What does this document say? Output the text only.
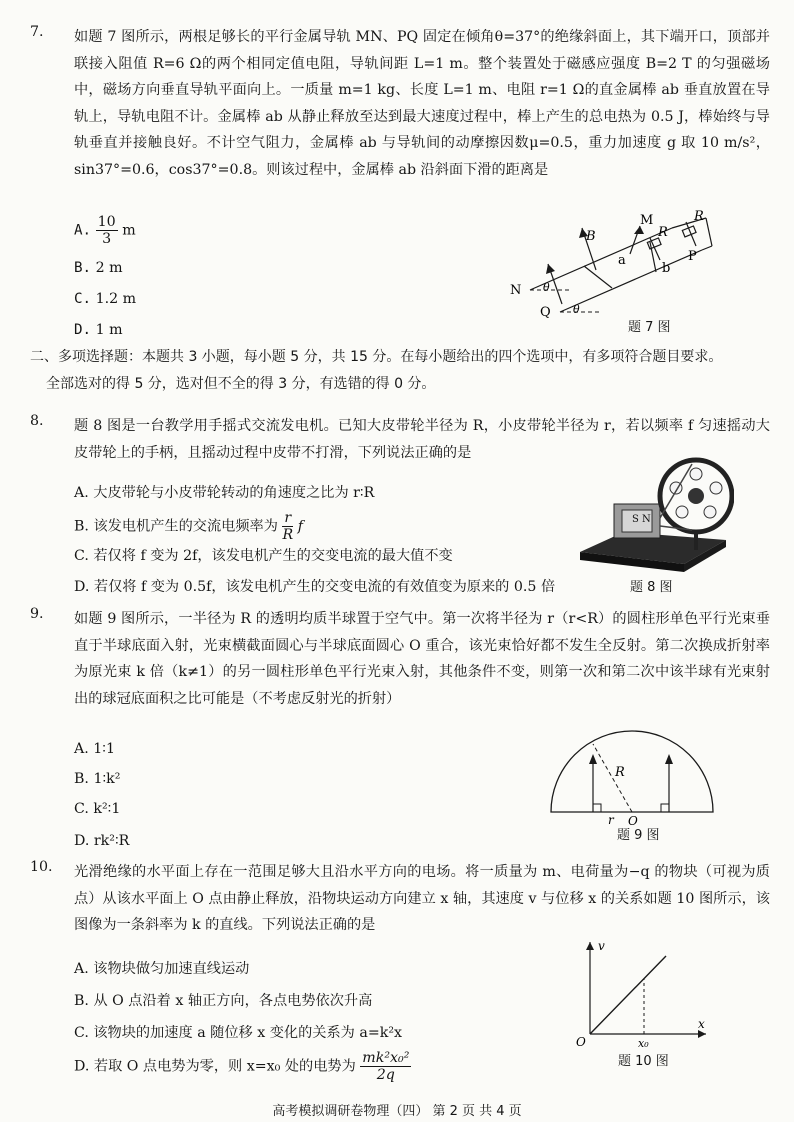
7.	如题 7 图所示，两根足够长的平行金属导轨 MN、PQ 固定在倾角θ=37°的绝缘斜面上，其下端开口，顶部并联接入阻值 R=6 Ω的两个相同定值电阻，导轨间距 L=1 m。整个装置处于磁感应强度 B=2 T 的匀强磁场中，磁场方向垂直导轨平面向上。一质量 m=1 kg、长度 L=1 m、电阻 r=1 Ω的直金属棒 ab 垂直放置在导轨上，导轨电阻不计。金属棒 ab 从静止释放至达到最大速度过程中，棒上产生的总电热为 0.5 J，棒始终与导轨垂直并接触良好。不计空气阻力，金属棒 ab 与导轨间的动摩擦因数μ=0.5，重力加速度 g 取 10 m/s²，sin37°=0.6，cos37°=0.8。则该过程中，金属棒 ab 沿斜面下滑的距离是
A. $\frac{10}{3}$ m
B. 2 m
C. 1.2 m
D. 1 m
B
a
M
R
R
b
P
N
Q
θ
θ
题 7 图
二、多项选择题：本题共 3 小题，每小题 5 分，共 15 分。在每小题给出的四个选项中，有多项符合题目要求。
全部选对的得 5 分，选对但不全的得 3 分，有选错的得 0 分。
8.	题 8 图是一台教学用手摇式交流发电机。已知大皮带轮半径为 R，小皮带轮半径为 r，若以频率 f 匀速摇动大皮带轮上的手柄，且摇动过程中皮带不打滑，下列说法正确的是
A. 大皮带轮与小皮带轮转动的角速度之比为 r∶R
B. 该发电机产生的交流电频率为 $\frac{r}{R}$ f
C. 若仅将 f 变为 2f，该发电机产生的交变电流的最大值不变
D. 若仅将 f 变为 0.5f，该发电机产生的交变电流的有效值变为原来的 0.5 倍
S N
题 8 图
9.	如题 9 图所示，一半径为 R 的透明均质半球置于空气中。第一次将半径为 r（r<R）的圆柱形单色平行光束垂直于半球底面入射，光束横截面圆心与半球底面圆心 O 重合，该光束恰好都不发生全反射。第二次换成折射率为原光束 k 倍（k≠1）的另一圆柱形单色平行光束入射，其他条件不变，则第一次和第二次中该半球有光束射出的球冠底面积之比可能是（不考虑反射光的折射）
A. 1∶1
B. 1∶k²
C. k²∶1
D. rk²∶R
R
r O
题 9 图
10.	光滑绝缘的水平面上存在一范围足够大且沿水平方向的电场。将一质量为 m、电荷量为−q 的物块（可视为质点）从该水平面上 O 点由静止释放，沿物块运动方向建立 x 轴，其速度 v 与位移 x 的关系如题 10 图所示，该图像为一条斜率为 k 的直线。下列说法正确的是
A. 该物块做匀加速直线运动
B. 从 O 点沿着 x 轴正方向，各点电势依次升高
C. 该物块的加速度 a 随位移 x 变化的关系为 a=k²x
D. 若取 O 点电势为零，则 x=x₀ 处的电势为 $\frac{\text{mk²x₀²}}{2q}$
v
x
O	x₀
题 10 图
高考模拟调研卷物理（四） 第 2 页 共 4 页
